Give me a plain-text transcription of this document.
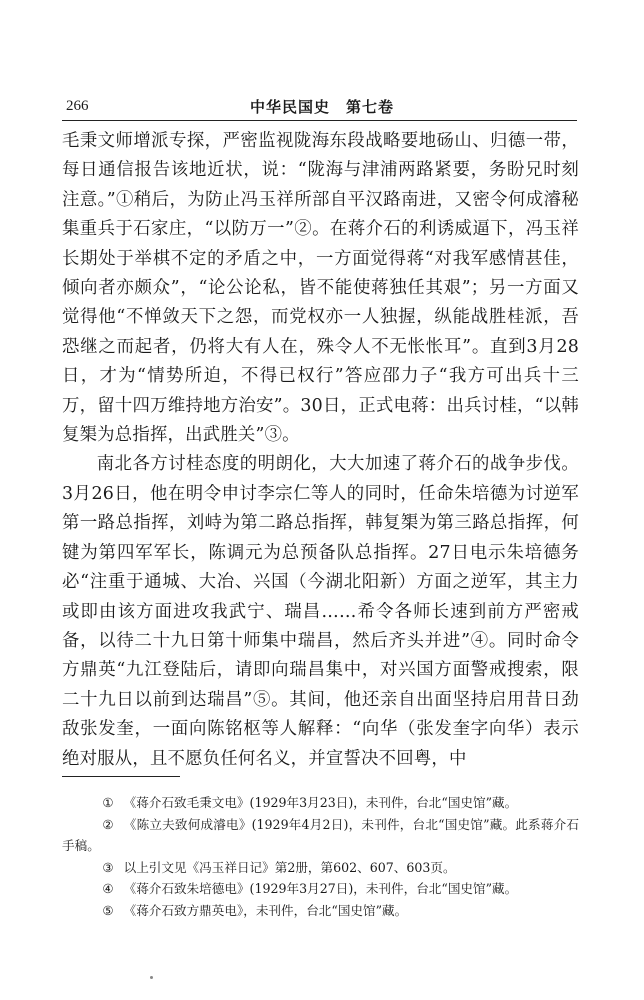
266	中华民国史　第七卷

毛秉文师增派专探，严密监视陇海东段战略要地砀山、归德一带，每日通信报告该地近状，说：“陇海与津浦两路紧要，务盼兄时刻注意。”①稍后，为防止冯玉祥所部自平汉路南进，又密令何成濬秘集重兵于石家庄，“以防万一”②。在蒋介石的利诱威逼下，冯玉祥长期处于举棋不定的矛盾之中，一方面觉得蒋“对我军感情甚佳，倾向者亦颇众”，“论公论私，皆不能使蒋独任其艰”；另一方面又觉得他“不惮敛天下之怨，而党权亦一人独握，纵能战胜桂派，吾恐继之而起者，仍将大有人在，殊令人不无怅怅耳”。直到3月28日，才为“情势所迫，不得已权行”答应邵力子“我方可出兵十三万，留十四万维持地方治安”。30日，正式电蒋：出兵讨桂，“以韩复榘为总指挥，出武胜关”③。

南北各方讨桂态度的明朗化，大大加速了蒋介石的战争步伐。3月26日，他在明令申讨李宗仁等人的同时，任命朱培德为讨逆军第一路总指挥，刘峙为第二路总指挥，韩复榘为第三路总指挥，何键为第四军军长，陈调元为总预备队总指挥。27日电示朱培德务必“注重于通城、大冶、兴国（今湖北阳新）方面之逆军，其主力或即由该方面进攻我武宁、瑞昌……希令各师长速到前方严密戒备，以待二十九日第十师集中瑞昌，然后齐头并进”④。同时命令方鼎英“九江登陆后，请即向瑞昌集中，对兴国方面警戒搜索，限二十九日以前到达瑞昌”⑤。其间，他还亲自出面坚持启用昔日劲敌张发奎，一面向陈铭枢等人解释：“向华（张发奎字向华）表示绝对服从，且不愿负任何名义，并宣誓决不回粤，中

① 《蒋介石致毛秉文电》(1929年3月23日)，未刊件，台北“国史馆”藏。
② 《陈立夫致何成濬电》(1929年4月2日)，未刊件，台北“国史馆”藏。此系蒋介石手稿。
③ 以上引文见《冯玉祥日记》第2册，第602、607、603页。
④ 《蒋介石致朱培德电》(1929年3月27日)，未刊件，台北“国史馆”藏。
⑤ 《蒋介石致方鼎英电》，未刊件，台北“国史馆”藏。
